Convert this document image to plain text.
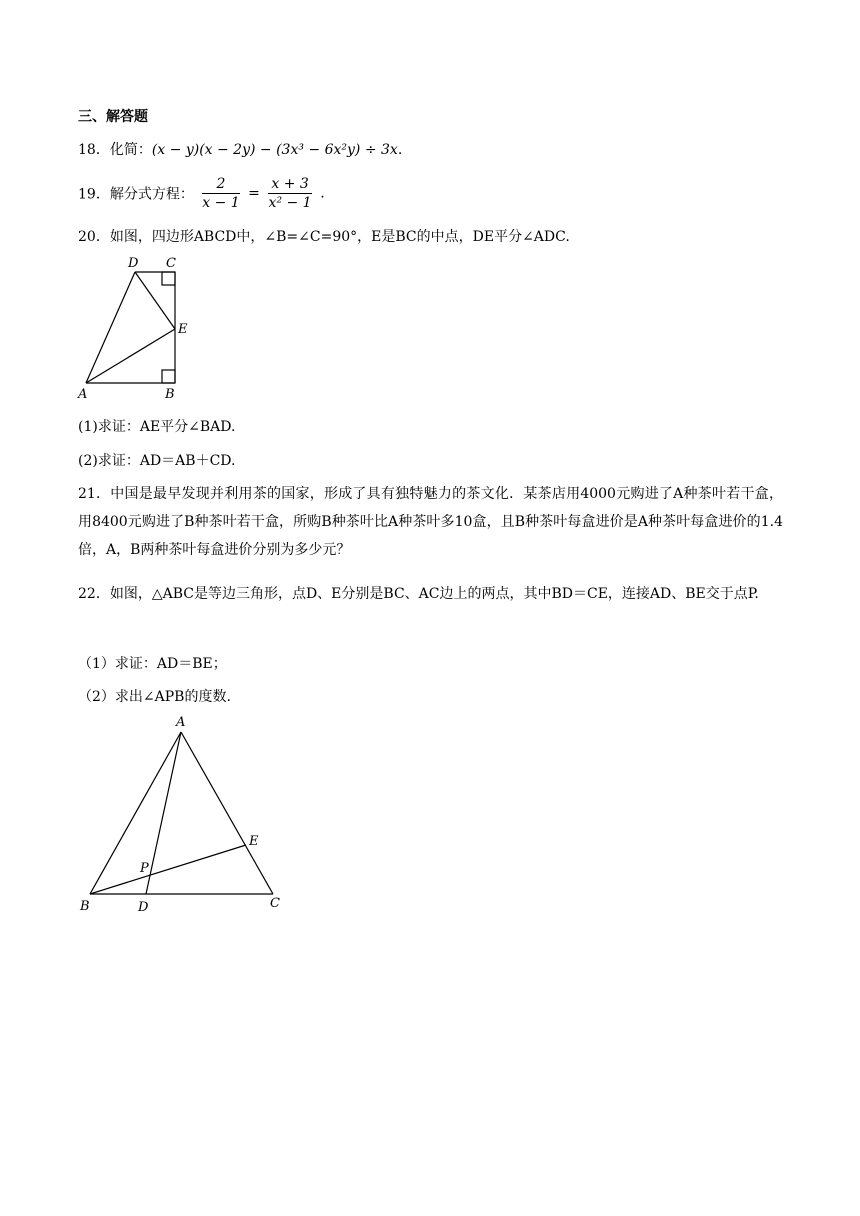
三、解答题
18．化简：(x − y)(x − 2y) − (3x³ − 6x²y) ÷ 3x.
19．解分式方程： $\frac{2}{x - 1} = \frac{x + 3}{\text{x² − 1}}$ .
20．如图，四边形ABCD中，∠B=∠C=90°，E是BC的中点，DE平分∠ADC.
D C
E
A	B
(1)求证：AE平分∠BAD.
(2)求证：AD＝AB＋CD.
21．中国是最早发现并利用茶的国家，形成了具有独特魅力的茶文化．某茶店用4000元购进了A种茶叶若干盒，用8400元购进了B种茶叶若干盒，所购B种茶叶比A种茶叶多10盒，且B种茶叶每盒进价是A种茶叶每盒进价的1.4倍，A，B两种茶叶每盒进价分别为多少元？
22．如图，△ABC是等边三角形，点D、E分别是BC、AC边上的两点，其中BD＝CE，连接AD、BE交于点P.
（1）求证：AD＝BE；
（2）求出∠APB的度数.
A
E
P
B	D	C
